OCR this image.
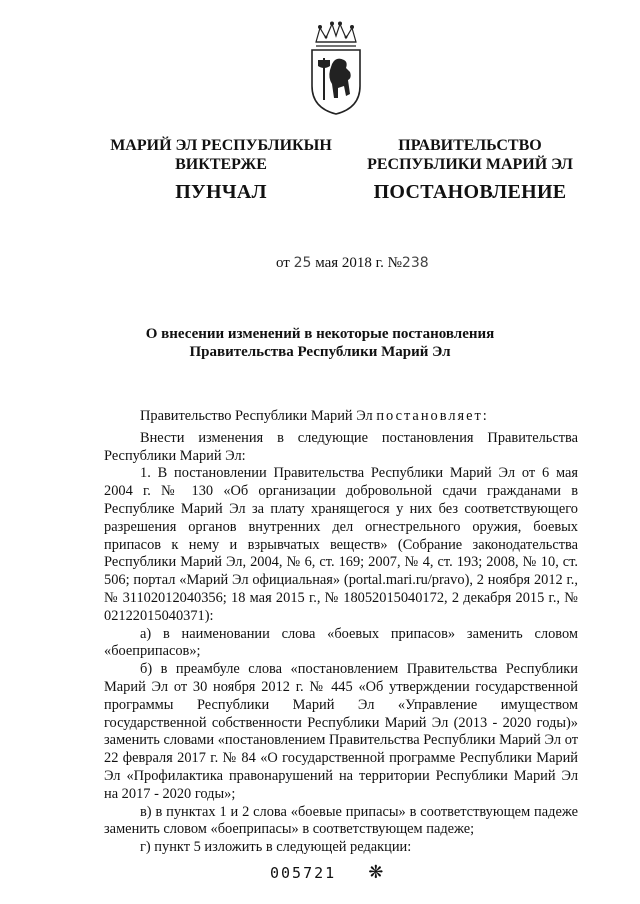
МАРИЙ ЭЛ РЕСПУБЛИКЫН
ВИКТЕРЖЕ
ПУНЧАЛ
ПРАВИТЕЛЬСТВО
РЕСПУБЛИКИ МАРИЙ ЭЛ
ПОСТАНОВЛЕНИЕ
от 25 мая 2018 г. №238
О внесении изменений в некоторые постановления
Правительства Республики Марий Эл

Правительство Республики Марий Эл постановляет:

Внести изменения в следующие постановления Правительства Республики Марий Эл:

1. В постановлении Правительства Республики Марий Эл от 6 мая 2004 г. № 130 «Об организации добровольной сдачи гражданами в Республике Марий Эл за плату хранящегося у них без соответствующего разрешения органов внутренних дел огнестрельного оружия, боевых припасов к нему и взрывчатых веществ» (Собрание законодательства Республики Марий Эл, 2004, № 6, ст. 169; 2007, № 4, ст. 193; 2008, № 10, ст. 506; портал «Марий Эл официальная» (portal.mari.ru/pravo), 2 ноября 2012 г., № 31102012040356; 18 мая 2015 г., № 18052015040172, 2 декабря 2015 г., № 02122015040371):

а) в наименовании слова «боевых припасов» заменить словом «боеприпасов»;

б) в преамбуле слова «постановлением Правительства Республики Марий Эл от 30 ноября 2012 г. № 445 «Об утверждении государственной программы Республики Марий Эл «Управление имуществом государственной собственности Республики Марий Эл (2013 - 2020 годы)» заменить словами «постановлением Правительства Республики Марий Эл от 22 февраля 2017 г. № 84 «О государственной программе Республики Марий Эл «Профилактика правонарушений на территории Республики Марий Эл на 2017 - 2020 годы»;

в) в пунктах 1 и 2 слова «боевые припасы» в соответствующем падеже заменить словом «боеприпасы» в соответствующем падеже;

г) пункт 5 изложить в следующей редакции:

005721 ❋
